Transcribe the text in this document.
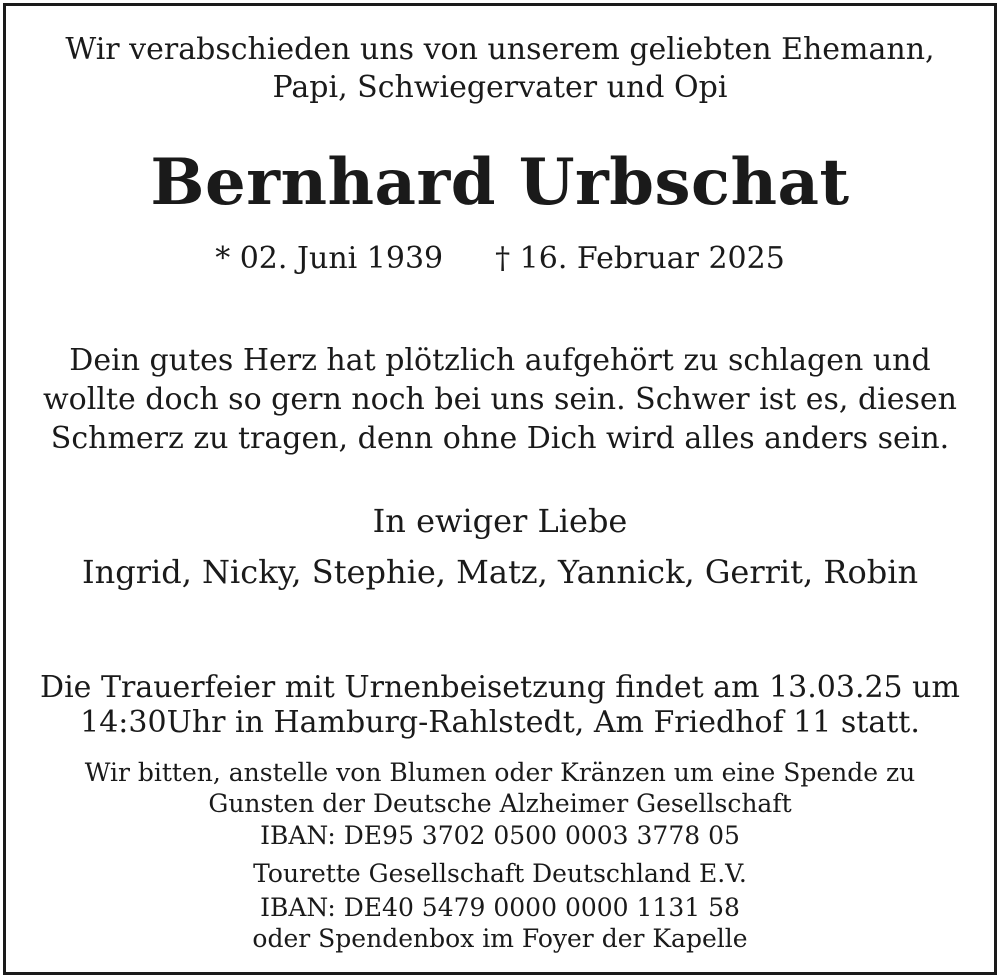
Wir verabschieden uns von unserem geliebten Ehemann,
Papi, Schwiegervater und Opi
Bernhard Urbschat
* 02. Juni 1939 † 16. Februar 2025
Dein gutes Herz hat plötzlich aufgehört zu schlagen und
wollte doch so gern noch bei uns sein. Schwer ist es, diesen
Schmerz zu tragen, denn ohne Dich wird alles anders sein.
In ewiger Liebe
Ingrid, Nicky, Stephie, Matz, Yannick, Gerrit, Robin
Die Trauerfeier mit Urnenbeisetzung findet am 13.03.25 um
14:30Uhr in Hamburg-Rahlstedt, Am Friedhof 11 statt.
Wir bitten, anstelle von Blumen oder Kränzen um eine Spende zu
Gunsten der Deutsche Alzheimer Gesellschaft
IBAN: DE95 3702 0500 0003 3778 05
Tourette Gesellschaft Deutschland E.V.
IBAN: DE40 5479 0000 0000 1131 58
oder Spendenbox im Foyer der Kapelle
